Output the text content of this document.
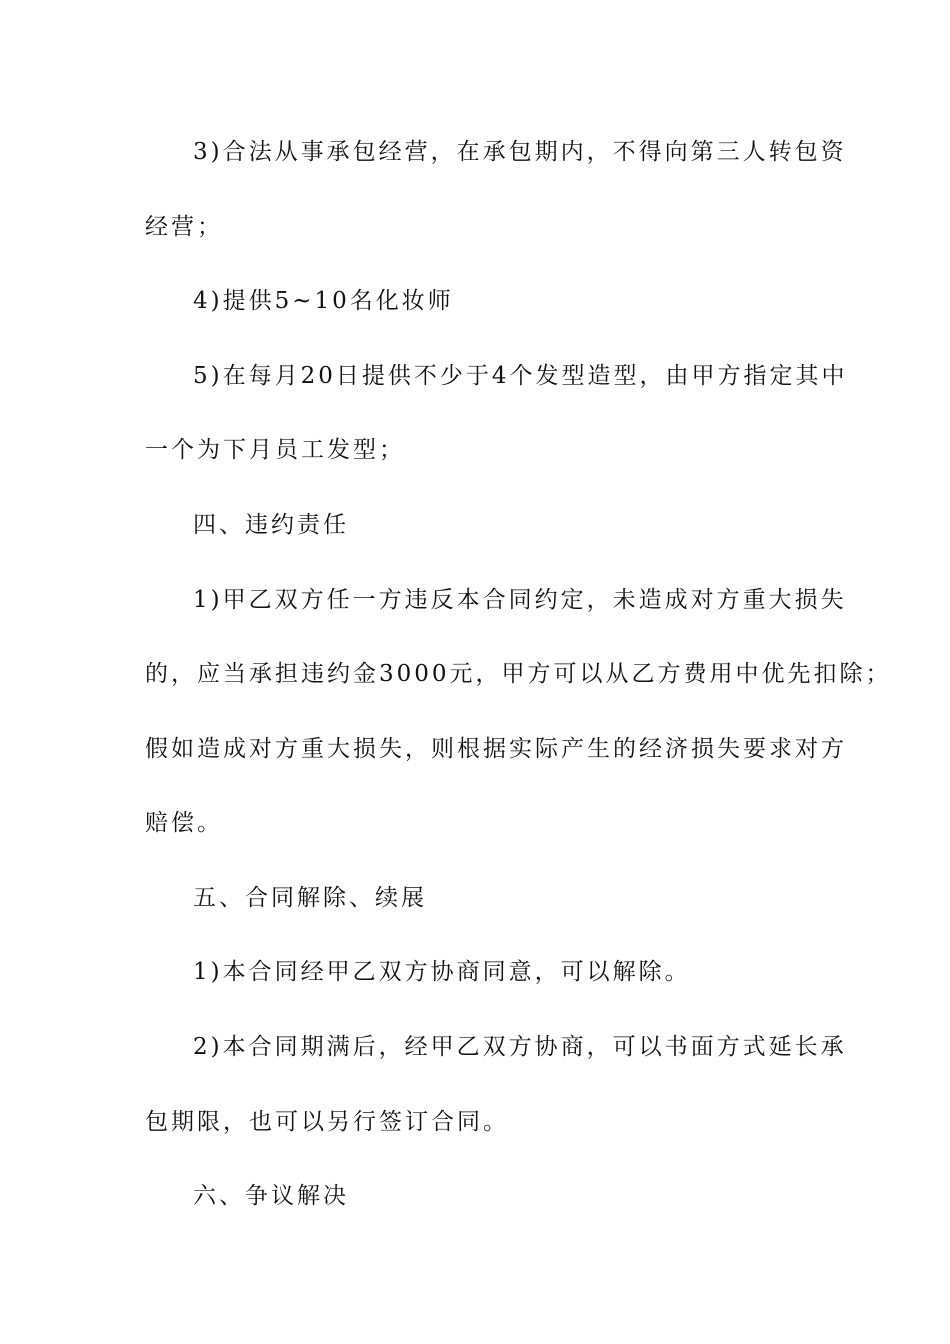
3)合法从事承包经营，在承包期内，不得向第三人转包资
经营；
4)提供5~10名化妆师
5)在每月20日提供不少于4个发型造型，由甲方指定其中
一个为下月员工发型；
四、违约责任
1)甲乙双方任一方违反本合同约定，未造成对方重大损失
的，应当承担违约金3000元，甲方可以从乙方费用中优先扣除；
假如造成对方重大损失，则根据实际产生的经济损失要求对方
赔偿。
五、合同解除、续展
1)本合同经甲乙双方协商同意，可以解除。
2)本合同期满后，经甲乙双方协商，可以书面方式延长承
包期限，也可以另行签订合同。
六、争议解决
